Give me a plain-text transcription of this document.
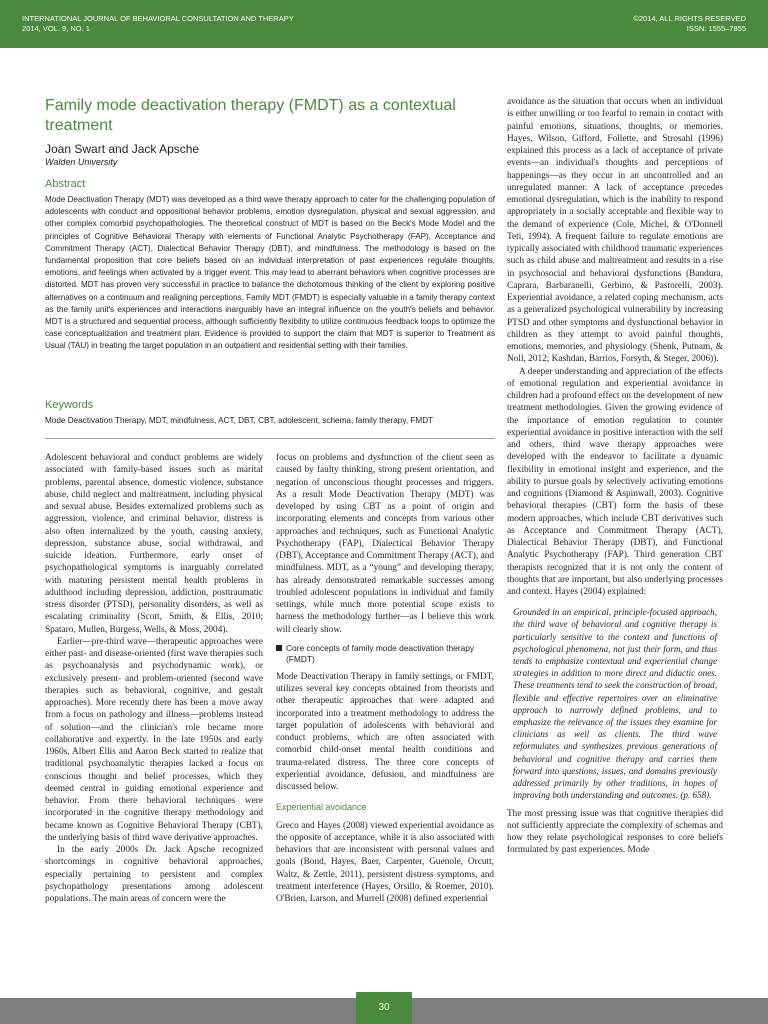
INTERNATIONAL JOURNAL OF BEHAVIORAL CONSULTATION AND THERAPY
2014, VOL. 9, NO. 1
©2014, ALL RIGHTS RESERVED
ISSN: 1555–7855
Family mode deactivation therapy (FMDT) as a contextual treatment
Joan Swart and Jack Apsche
Walden University
Abstract
Mode Deactivation Therapy (MDT) was developed as a third wave therapy approach to cater for the challenging population of adolescents with conduct and oppositional behavior problems, emotion dysregulation, physical and sexual aggression, and other complex comorbid psychopathologies. The theoretical construct of MDT is based on the Beck's Mode Model and the principles of Cognitive Behavioral Therapy with elements of Functional Analytic Psychotherapy (FAP), Acceptance and Commitment Therapy (ACT), Dialectical Behavior Therapy (DBT), and mindfulness. The methodology is based on the fundamental proposition that core beliefs based on an individual interpretation of past experiences regulate thoughts, emotions, and feelings when activated by a trigger event. This may lead to aberrant behaviors when cognitive processes are distorted. MDT has proven very successful in practice to balance the dichotomous thinking of the client by exploring positive alternatives on a continuum and realigning perceptions. Family MDT (FMDT) is especially valuable in a family therapy context as the family unit's experiences and interactions inarguably have an integral influence on the youth's beliefs and behavior. MDT is a structured and sequential process, although sufficiently flexibility to utilize continuous feedback loops to optimize the case conceptualization and treatment plan. Evidence is provided to support the claim that MDT is superior to Treatment as Usual (TAU) in treating the target population in an outpatient and residential setting with their families.
Keywords
Mode Deactivation Therapy, MDT, mindfulness, ACT, DBT, CBT, adolescent, schema, family therapy, FMDT

Adolescent behavioral and conduct problems are widely associated with family-based issues such as marital problems, parental absence, domestic violence, substance abuse, child neglect and maltreatment, including physical and sexual abuse. Besides externalized problems such as aggression, violence, and criminal behavior, distress is also often internalized by the youth, causing anxiety, depression, substance abuse, social withdrawal, and suicide ideation. Furthermore, early onset of psychopathological symptoms is inarguably correlated with maturing persistent mental health problems in adulthood including depression, addiction, posttraumatic stress disorder (PTSD), personality disorders, as well as escalating criminality (Scott, Smith, & Ellis, 2010; Spataro, Mullen, Burgess, Wells, & Moss, 2004).

Earlier—pre-third wave—therapeutic approaches were either past- and disease-oriented (first wave therapies such as psychoanalysis and psychodynamic work), or exclusively present- and problem-oriented (second wave therapies such as behavioral, cognitive, and gestalt approaches). More recently there has been a move away from a focus on pathology and illness—problems instead of solution—and the clinician's role became more collaborative and expertly. In the late 1950s and early 1960s, Albert Ellis and Aaron Beck started to realize that traditional psychoanalytic therapies lacked a focus on conscious thought and belief processes, which they deemed central in guiding emotional experience and behavior. From there behavioral techniques were incorporated in the cognitive therapy methodology and became known as Cognitive Behavioral Therapy (CBT), the underlying basis of third wave derivative approaches.

In the early 2000s Dr. Jack Apsche recognized shortcomings in cognitive behavioral approaches, especially pertaining to persistent and complex psychopathology presentations among adolescent populations. The main areas of concern were the

focus on problems and dysfunction of the client seen as caused by faulty thinking, strong present orientation, and negation of unconscious thought processes and triggers. As a result Mode Deactivation Therapy (MDT) was developed by using CBT as a point of origin and incorporating elements and concepts from various other approaches and techniques, such as Functional Analytic Psychotherapy (FAP), Dialectical Behavior Therapy (DBT), Acceptance and Commitment Therapy (ACT), and mindfulness. MDT, as a “young” and developing therapy, has already demonstrated remarkable successes among troubled adolescent populations in individual and family settings, while much more potential scope exists to harness the methodology further—as I believe this work will clearly show.

Core concepts of family mode deactivation therapy (FMDT)

Mode Deactivation Therapy in family settings, or FMDT, utilizes several key concepts obtained from theorists and other therapeutic approaches that were adapted and incorporated into a treatment methodology to address the target population of adolescents with behavioral and conduct problems, which are often associated with comorbid child-onset mental health conditions and trauma-related distress. The three core concepts of experiential avoidance, defusion, and mindfulness are discussed below.

Experiential avoidance

Greco and Hayes (2008) viewed experiential avoidance as the opposite of acceptance, while it is also associated with behaviors that are inconsistent with personal values and goals (Bond, Hayes, Baer, Carpenter, Guenole, Orcutt, Waltz, & Zettle, 2011), persistent distress symptoms, and treatment interference (Hayes, Orsillo, & Roemer, 2010). O'Brien, Larson, and Murrell (2008) defined experiential

avoidance as the situation that occurs when an individual is either unwilling or too fearful to remain in contact with painful emotions, situations, thoughts, or memories. Hayes, Wilson, Gifford, Follette, and Strosahl (1996) explained this process as a lack of acceptance of private events—an individual's thoughts and perceptions of happenings—as they occur in an uncontrolled and an unregulated manner. A lack of acceptance precedes emotional dysregulation, which is the inability to respond appropriately in a socially acceptable and flexible way to the demand of experience (Cole, Michel, & O'Donnell Teti, 1994). A frequent failure to regulate emotions are typically associated with childhood traumatic experiences such as child abuse and maltreatment and results in a rise in psychosocial and behavioral dysfunctions (Bandura, Caprara, Barbaranelli, Gerbino, & Pastorelli, 2003). Experiential avoidance, a related coping mechanism, acts as a generalized psychological vulnerability by increasing PTSD and other symptoms and dysfunctional behavior in children as they attempt to avoid painful thoughts, emotions, memories, and physiology (Shenk, Putnam, & Noll, 2012; Kashdan, Barrios, Forsyth, & Steger, 2006)).

A deeper understanding and appreciation of the effects of emotional regulation and experiential avoidance in children had a profound effect on the development of new treatment methodologies. Given the growing evidence of the importance of emotion regulation to counter experiential avoidance in positive interaction with the self and others, third wave therapy approaches were developed with the endeavor to facilitate a dynamic flexibility in emotional insight and experience, and the ability to pursue goals by selectively activating emotions and cognitions (Diamond & Aspinwall, 2003). Cognitive behavioral therapies (CBT) form the basis of these modern approaches, which include CBT derivatives such as Acceptance and Commitment Therapy (ACT), Dialectical Behavior Therapy (DBT), and Functional Analytic Psychotherapy (FAP). Third generation CBT therapists recognized that it is not only the content of thoughts that are important, but also underlying processes and context. Hayes (2004) explained:

Grounded in an empirical, principle-focused approach, the third wave of behavioral and cognitive therapy is particularly sensitive to the context and functions of psychological phenomena, not just their form, and thus tends to emphasize contextual and experiential change strategies in addition to more direct and didactic ones. These treatments tend to seek the construction of broad, flexible and effective repertoires over an eliminative approach to narrowly defined problems, and to emphasize the relevance of the issues they examine for clinicians as well as clients. The third wave reformulates and synthesizes previous generations of behavioral and cognitive therapy and carries them forward into questions, issues, and domains previously addressed primarily by other traditions, in hopes of improving both understanding and outcomes. (p. 658).

The most pressing issue was that cognitive therapies did not sufficiently appreciate the complexity of schemas and how they relate psychological responses to core beliefs formulated by past experiences. Mode

30
